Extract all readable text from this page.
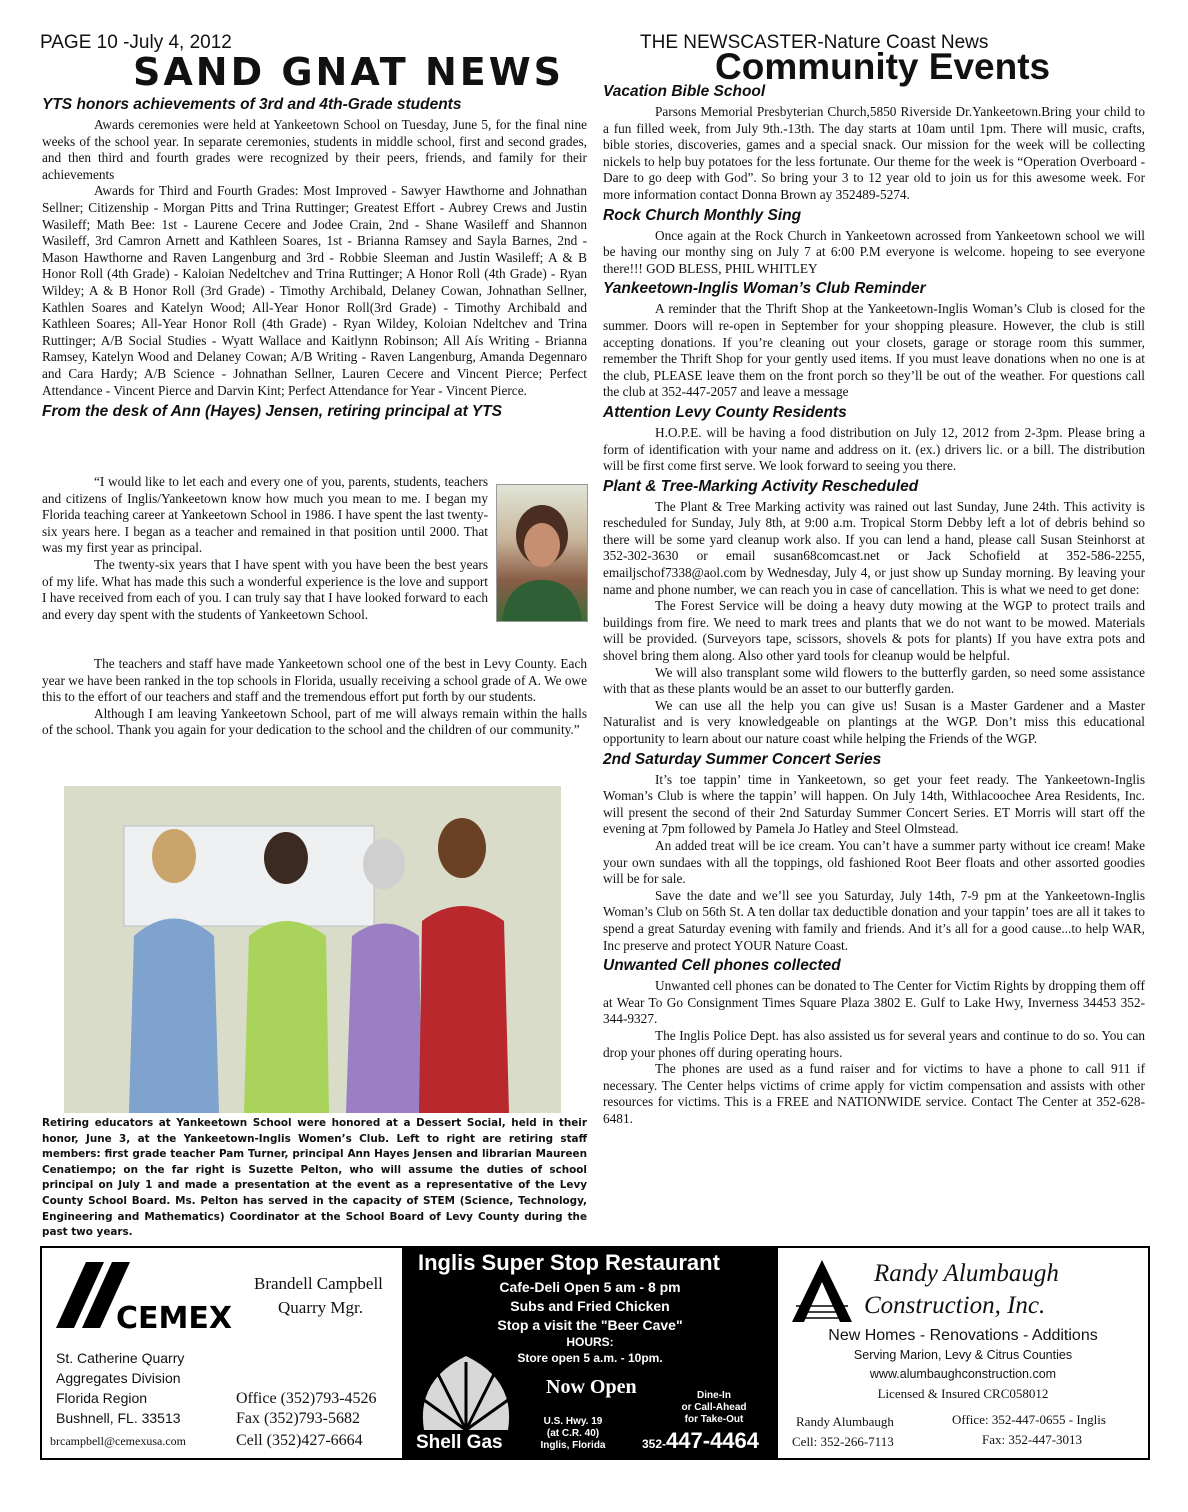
PAGE 10 -July 4, 2012
SAND GNAT NEWS
THE NEWSCASTER-Nature Coast News
Community Events
YTS honors achievements of 3rd and 4th-Grade students

Awards ceremonies were held at Yankeetown School on Tuesday, June 5, for the final nine weeks of the school year. In separate ceremonies, students in middle school, first and second grades, and then third and fourth grades were recognized by their peers, friends, and family for their achievements

Awards for Third and Fourth Grades: Most Improved - Sawyer Hawthorne and Johnathan Sellner; Citizenship - Morgan Pitts and Trina Ruttinger; Greatest Effort - Aubrey Crews and Justin Wasileff; Math Bee: 1st - Laurene Cecere and Jodee Crain, 2nd - Shane Wasileff and Shannon Wasileff, 3rd Camron Arnett and Kathleen Soares, 1st - Brianna Ramsey and Sayla Barnes, 2nd - Mason Hawthorne and Raven Langenburg and 3rd - Robbie Sleeman and Justin Wasileff; A & B Honor Roll (4th Grade) - Kaloian Nedeltchev and Trina Ruttinger; A Honor Roll (4th Grade) - Ryan Wildey; A & B Honor Roll (3rd Grade) - Timothy Archibald, Delaney Cowan, Johnathan Sellner, Kathlen Soares and Katelyn Wood; All-Year Honor Roll(3rd Grade) - Timothy Archibald and Kathleen Soares; All-Year Honor Roll (4th Grade) - Ryan Wildey, Koloian Ndeltchev and Trina Ruttinger; A/B Social Studies - Wyatt Wallace and Kaitlynn Robinson; All Aís Writing - Brianna Ramsey, Katelyn Wood and Delaney Cowan; A/B Writing - Raven Langenburg, Amanda Degennaro and Cara Hardy; A/B Science - Johnathan Sellner, Lauren Cecere and Vincent Pierce; Perfect Attendance - Vincent Pierce and Darvin Kint; Perfect Attendance for Year - Vincent Pierce.

From the desk of Ann (Hayes) Jensen, retiring principal at YTS

“I would like to let each and every one of you, parents, students, teachers and citizens of Inglis/Yankeetown know how much you mean to me. I began my Florida teaching career at Yankeetown School in 1986. I have spent the last twenty-six years here. I began as a teacher and remained in that position until 2000. That was my first year as principal.

The twenty-six years that I have spent with you have been the best years of my life. What has made this such a wonderful experience is the love and support I have received from each of you. I can truly say that I have looked forward to each and every day spent with the students of Yankeetown School.

The teachers and staff have made Yankeetown school one of the best in Levy County. Each year we have been ranked in the top schools in Florida, usually receiving a school grade of A. We owe this to the effort of our teachers and staff and the tremendous effort put forth by our students.

Although I am leaving Yankeetown School, part of me will always remain within the halls of the school. Thank you again for your dedication to the school and the children of our community.”

Retiring educators at Yankeetown School were honored at a Dessert Social, held in their honor, June 3, at the Yankeetown-Inglis Women’s Club. Left to right are retiring staff members: first grade teacher Pam Turner, principal Ann Hayes Jensen and librarian Maureen Cenatiempo; on the far right is Suzette Pelton, who will assume the duties of school principal on July 1 and made a presentation at the event as a representative of the Levy County School Board. Ms. Pelton has served in the capacity of STEM (Science, Technology, Engineering and Mathematics) Coordinator at the School Board of Levy County during the past two years.
Vacation Bible School

Parsons Memorial Presbyterian Church,5850 Riverside Dr.Yankeetown.Bring your child to a fun filled week, from July 9th.-13th. The day starts at 10am until 1pm. There will music, crafts, bible stories, discoveries, games and a special snack. Our mission for the week will be collecting nickels to help buy potatoes for the less fortunate. Our theme for the week is “Operation Overboard - Dare to go deep with God”. So bring your 3 to 12 year old to join us for this awesome week. For more information contact Donna Brown ay 352489-5274.

Rock Church Monthly Sing

Once again at the Rock Church in Yankeetown acrossed from Yankeetown school we will be having our monthy sing on July 7 at 6:00 P.M everyone is welcome. hopeing to see everyone there!!! GOD BLESS, PHIL WHITLEY

Yankeetown-Inglis Woman’s Club Reminder

A reminder that the Thrift Shop at the Yankeetown-Inglis Woman’s Club is closed for the summer. Doors will re-open in September for your shopping pleasure. However, the club is still accepting donations. If you’re cleaning out your closets, garage or storage room this summer, remember the Thrift Shop for your gently used items. If you must leave donations when no one is at the club, PLEASE leave them on the front porch so they’ll be out of the weather. For questions call the club at 352-447-2057 and leave a message

Attention Levy County Residents

H.O.P.E. will be having a food distribution on July 12, 2012 from 2-3pm. Please bring a form of identification with your name and address on it. (ex.) drivers lic. or a bill. The distribution will be first come first serve. We look forward to seeing you there.

Plant & Tree-Marking Activity Rescheduled

The Plant & Tree Marking activity was rained out last Sunday, June 24th. This activity is rescheduled for Sunday, July 8th, at 9:00 a.m. Tropical Storm Debby left a lot of debris behind so there will be some yard cleanup work also. If you can lend a hand, please call Susan Steinhorst at 352-302-3630 or email susan68comcast.net or Jack Schofield at 352-586-2255, emailjschof7338@aol.com by Wednesday, July 4, or just show up Sunday morning. By leaving your name and phone number, we can reach you in case of cancellation. This is what we need to get done:

The Forest Service will be doing a heavy duty mowing at the WGP to protect trails and buildings from fire. We need to mark trees and plants that we do not want to be mowed. Materials will be provided. (Surveyors tape, scissors, shovels & pots for plants) If you have extra pots and shovel bring them along. Also other yard tools for cleanup would be helpful.

We will also transplant some wild flowers to the butterfly garden, so need some assistance with that as these plants would be an asset to our butterfly garden.

We can use all the help you can give us! Susan is a Master Gardener and a Master Naturalist and is very knowledgeable on plantings at the WGP. Don’t miss this educational opportunity to learn about our nature coast while helping the Friends of the WGP.

2nd Saturday Summer Concert Series

It’s toe tappin’ time in Yankeetown, so get your feet ready. The Yankeetown-Inglis Woman’s Club is where the tappin’ will happen. On July 14th, Withlacoochee Area Residents, Inc. will present the second of their 2nd Saturday Summer Concert Series. ET Morris will start off the evening at 7pm followed by Pamela Jo Hatley and Steel Olmstead.

An added treat will be ice cream. You can’t have a summer party without ice cream! Make your own sundaes with all the toppings, old fashioned Root Beer floats and other assorted goodies will be for sale.

Save the date and we’ll see you Saturday, July 14th, 7-9 pm at the Yankeetown-Inglis Woman’s Club on 56th St. A ten dollar tax deductible donation and your tappin’ toes are all it takes to spend a great Saturday evening with family and friends. And it’s all for a good cause...to help WAR, Inc preserve and protect YOUR Nature Coast.

Unwanted Cell phones collected

Unwanted cell phones can be donated to The Center for Victim Rights by dropping them off at Wear To Go Consignment Times Square Plaza 3802 E. Gulf to Lake Hwy, Inverness 34453 352-344-9327.

The Inglis Police Dept. has also assisted us for several years and continue to do so. You can drop your phones off during operating hours.

The phones are used as a fund raiser and for victims to have a phone to call 911 if necessary. The Center helps victims of crime apply for victim compensation and assists with other resources for victims. This is a FREE and NATIONWIDE service. Contact The Center at 352-628-6481.

CEMEX
Brandell Campbell
Quarry Mgr.
St. Catherine Quarry
Aggregates Division
Florida Region
Bushnell, FL. 33513
brcampbell@cemexusa.com
Office (352)793-4526
Fax (352)793-5682
Cell (352)427-6664
Inglis Super Stop Restaurant
Cafe-Deli Open 5 am - 8 pm
Subs and Fried Chicken
Stop a visit the "Beer Cave"
HOURS:
Store open 5 a.m. - 10pm.
Shell Gas
Now Open	Dine-In
or Call-Ahead
for Take-Out
U.S. Hwy. 19
(at C.R. 40)
Inglis, Florida	352-447-4464
Randy Alumbaugh
Construction, Inc.
New Homes - Renovations - Additions
Serving Marion, Levy & Citrus Counties
www.alumbaughconstruction.com
Licensed & Insured CRC058012
Randy Alumbaugh
Cell: 352-266-7113
Office: 352-447-0655 - Inglis
Fax: 352-447-3013
